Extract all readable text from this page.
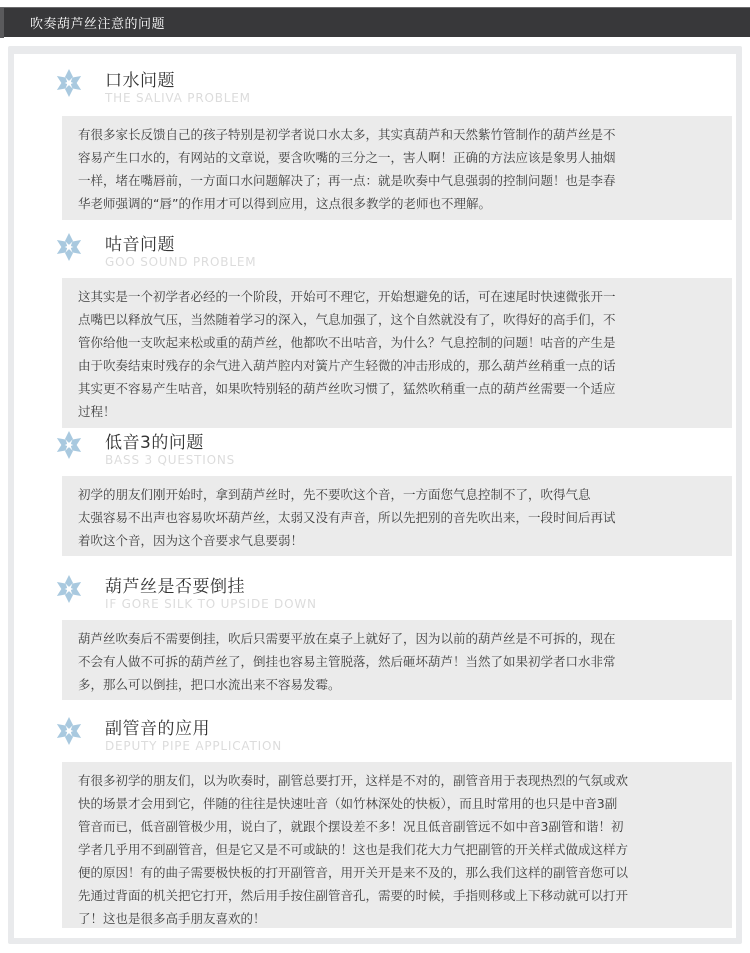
吹奏葫芦丝注意的问题
口水问题
THE SALIVA PROBLEM

有很多家长反馈自己的孩子特别是初学者说口水太多，其实真葫芦和天然紫竹管制作的葫芦丝是不
容易产生口水的，有网站的文章说，要含吹嘴的三分之一，害人啊！正确的方法应该是象男人抽烟
一样，堵在嘴唇前，一方面口水问题解决了；再一点：就是吹奏中气息强弱的控制问题！也是李春
华老师强调的“唇”的作用才可以得到应用，这点很多教学的老师也不理解。

咕音问题
GOO SOUND PROBLEM

这其实是一个初学者必经的一个阶段，开始可不理它，开始想避免的话，可在速尾时快速微张开一
点嘴巴以释放气压，当然随着学习的深入，气息加强了，这个自然就没有了，吹得好的高手们，不
管你给他一支吹起来松或重的葫芦丝，他都吹不出咕音，为什么？气息控制的问题！咕音的产生是
由于吹奏结束时残存的余气进入葫芦腔内对簧片产生轻微的冲击形成的，那么葫芦丝稍重一点的话
其实更不容易产生咕音，如果吹特别轻的葫芦丝吹习惯了，猛然吹稍重一点的葫芦丝需要一个适应
过程！

低音3的问题
BASS 3 QUESTIONS

初学的朋友们刚开始时，拿到葫芦丝时，先不要吹这个音，一方面您气息控制不了，吹得气息
太强容易不出声也容易吹坏葫芦丝，太弱又没有声音，所以先把别的音先吹出来，一段时间后再试
着吹这个音，因为这个音要求气息要弱！

葫芦丝是否要倒挂
IF GORE SILK TO UPSIDE DOWN

葫芦丝吹奏后不需要倒挂，吹后只需要平放在桌子上就好了，因为以前的葫芦丝是不可拆的，现在
不会有人做不可拆的葫芦丝了，倒挂也容易主管脱落，然后砸坏葫芦！当然了如果初学者口水非常
多，那么可以倒挂，把口水流出来不容易发霉。

副管音的应用
DEPUTY PIPE APPLICATION

有很多初学的朋友们，以为吹奏时，副管总要打开，这样是不对的，副管音用于表现热烈的气氛或欢
快的场景才会用到它，伴随的往往是快速吐音（如竹林深处的快板），而且时常用的也只是中音3副
管音而已，低音副管极少用，说白了，就跟个摆设差不多！况且低音副管远不如中音3副管和谐！初
学者几乎用不到副管音，但是它又是不可或缺的！这也是我们花大力气把副管的开关样式做成这样方
便的原因！有的曲子需要极快板的打开副管音，用开关开是来不及的，那么我们这样的副管音您可以
先通过背面的机关把它打开，然后用手按住副管音孔，需要的时候，手指则移或上下移动就可以打开
了！这也是很多高手朋友喜欢的！
